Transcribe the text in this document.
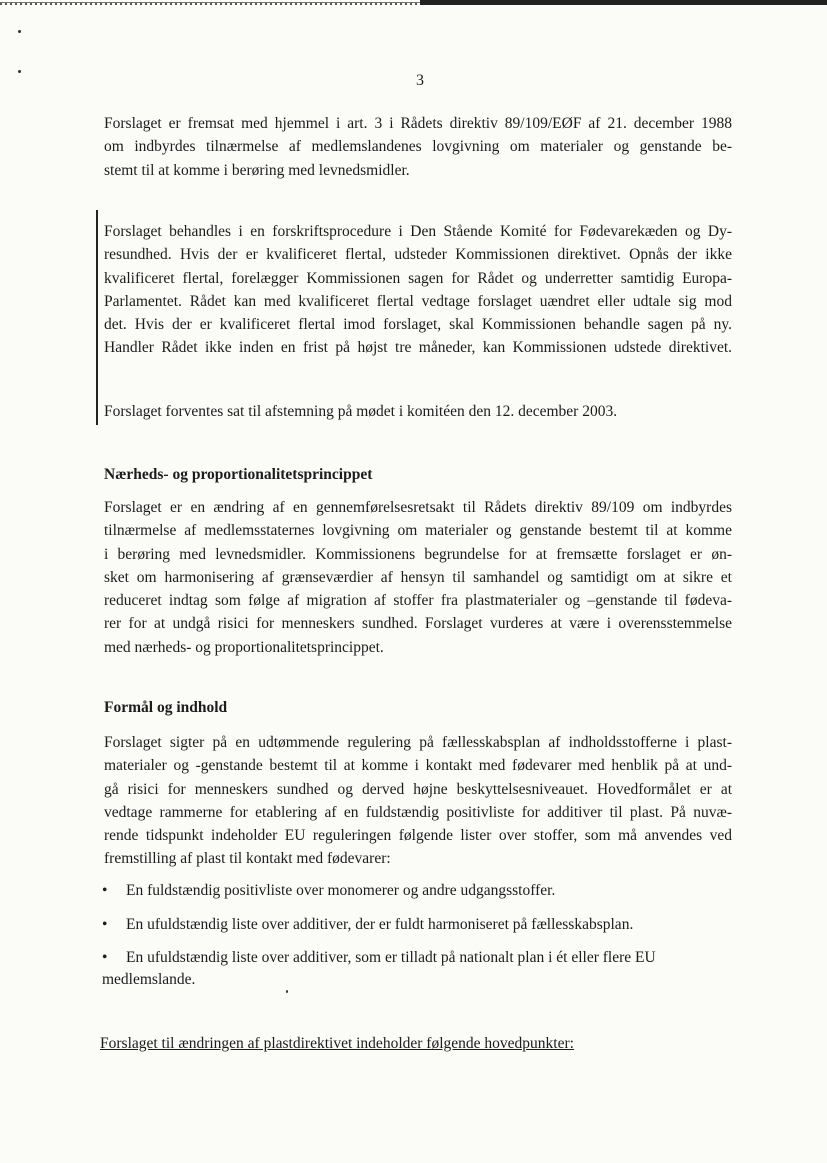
3
Forslaget er fremsat med hjemmel i art. 3 i Rådets direktiv 89/109/EØF af 21. december 1988
om indbyrdes tilnærmelse af medlemslandenes lovgivning om materialer og genstande be-
stemt til at komme i berøring med levnedsmidler.
Forslaget behandles i en forskriftsprocedure i Den Stående Komité for Fødevarekæden og Dy-
resundhed. Hvis der er kvalificeret flertal, udsteder Kommissionen direktivet. Opnås der ikke
kvalificeret flertal, forelægger Kommissionen sagen for Rådet og underretter samtidig Europa-
Parlamentet. Rådet kan med kvalificeret flertal vedtage forslaget uændret eller udtale sig mod
det. Hvis der er kvalificeret flertal imod forslaget, skal Kommissionen behandle sagen på ny.
Handler Rådet ikke inden en frist på højst tre måneder, kan Kommissionen udstede direktivet.
Forslaget forventes sat til afstemning på mødet i komitéen den 12. december 2003.
Nærheds- og proportionalitetsprincippet
Forslaget er en ændring af en gennemførelsesretsakt til Rådets direktiv 89/109 om indbyrdes
tilnærmelse af medlemsstaternes lovgivning om materialer og genstande bestemt til at komme
i berøring med levnedsmidler. Kommissionens begrundelse for at fremsætte forslaget er øn-
sket om harmonisering af grænseværdier af hensyn til samhandel og samtidigt om at sikre et
reduceret indtag som følge af migration af stoffer fra plastmaterialer og –genstande til fødeva-
rer for at undgå risici for menneskers sundhed. Forslaget vurderes at være i overensstemmelse
med nærheds- og proportionalitetsprincippet.
Formål og indhold
Forslaget sigter på en udtømmende regulering på fællesskabsplan af indholdsstofferne i plast-
materialer og -genstande bestemt til at komme i kontakt med fødevarer med henblik på at und-
gå risici for menneskers sundhed og derved højne beskyttelsesniveauet. Hovedformålet er at
vedtage rammerne for etablering af en fuldstændig positivliste for additiver til plast. På nuvæ-
rende tidspunkt indeholder EU reguleringen følgende lister over stoffer, som må anvendes ved
fremstilling af plast til kontakt med fødevarer:
• En fuldstændig positivliste over monomerer og andre udgangsstoffer.
• En ufuldstændig liste over additiver, der er fuldt harmoniseret på fællesskabsplan.
• En ufuldstændig liste over additiver, som er tilladt på nationalt plan i ét eller flere EU
medlemslande.
Forslaget til ændringen af plastdirektivet indeholder følgende hovedpunkter:
